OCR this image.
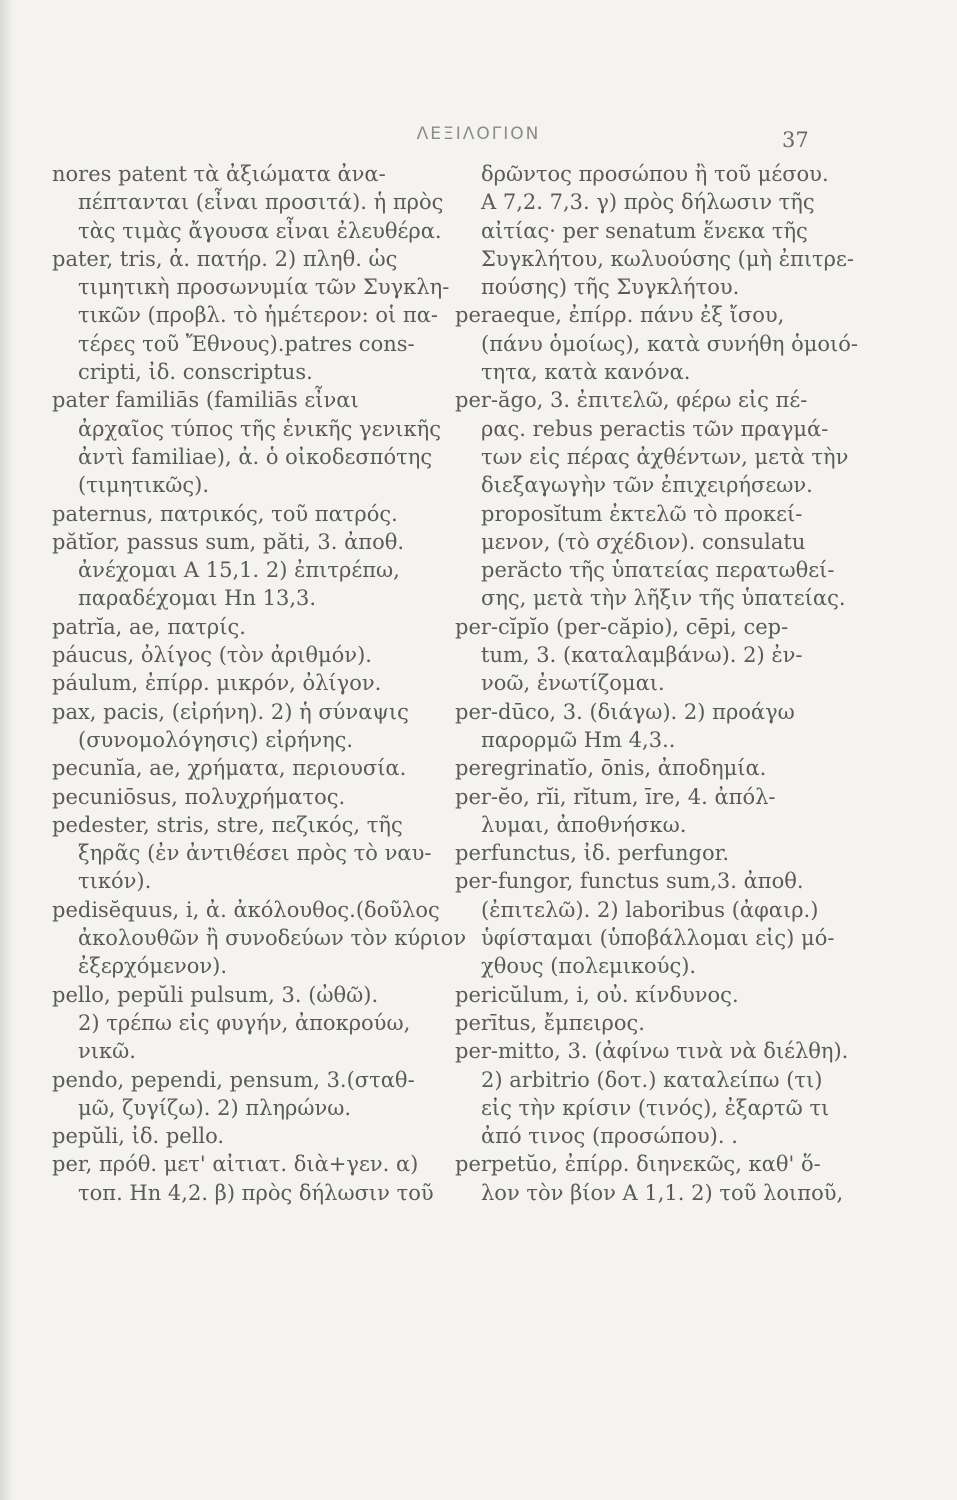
ΛΕΞΙΛΟΓΙΟΝ	37
nores patent τὰ ἀξιώματα ἀνα-
πέπτανται (εἶναι προσιτά). ἡ πρὸς
τὰς τιμὰς ἄγουσα εἶναι ἐλευθέρα.
pater, tris, ἀ. πατήρ. 2) πληθ. ὡς
τιμητικὴ προσωνυμία τῶν Συγκλη-
τικῶν (προβλ. τὸ ἡμέτερον: οἱ πα-
τέρες τοῦ Ἔθνους).patres cons-
cripti, ἰδ. conscriptus.
pater familiās (familiās εἶναι
ἀρχαῖος τύπος τῆς ἑνικῆς γενικῆς
ἀντὶ familiae), ἀ. ὁ οἰκοδεσπότης
(τιμητικῶς).
paternus, πατρικός, τοῦ πατρός.
pătĭor, passus sum, păti, 3. ἀποθ.
ἀνέχομαι Α 15,1. 2) ἐπιτρέπω,
παραδέχομαι Hn 13,3.
patrĭa, ae, πατρίς.
páucus, ὀλίγος (τὸν ἀριθμόν).
páulum, ἐπίρρ. μικρόν, ὀλίγον.
pax, pacis, (εἰρήνη). 2) ἡ σύναψις
(συνομολόγησις) εἰρήνης.
pecunĭa, ae, χρήματα, περιουσία.
pecuniōsus, πολυχρήματος.
pedester, stris, stre, πεζικός, τῆς
ξηρᾶς (ἐν ἀντιθέσει πρὸς τὸ ναυ-
τικόν).
pedisĕquus, i, ἀ. ἀκόλουθος.(δοῦλος
ἀκολουθῶν ἢ συνοδεύων τὸν κύριον
ἐξερχόμενον).
pello, pepŭli pulsum, 3. (ὠθῶ).
2) τρέπω εἰς φυγήν, ἀποκρούω,
νικῶ.
pendo, pependi, pensum, 3.(σταθ-
μῶ, ζυγίζω). 2) πληρώνω.
pepŭli, ἰδ. pello.
per, πρόθ. μετ' αἰτιατ. διὰ+γεν. α)
τοπ. Hn 4,2. β) πρὸς δήλωσιν τοῦ
δρῶντος προσώπου ἢ τοῦ μέσου.
Α 7,2. 7,3. γ) πρὸς δήλωσιν τῆς
αἰτίας· per senatum ἕνεκα τῆς
Συγκλήτου, κωλυούσης (μὴ ἐπιτρε-
πούσης) τῆς Συγκλήτου.
peraeque, ἐπίρρ. πάνυ ἐξ ἴσου,
(πάνυ ὁμοίως), κατὰ συνήθη ὁμοιό-
τητα, κατὰ κανόνα.
per-ăgo, 3. ἐπιτελῶ, φέρω εἰς πέ-
ρας. rebus peractis τῶν πραγμά-
των εἰς πέρας ἀχθέντων, μετὰ τὴν
διεξαγωγὴν τῶν ἐπιχειρήσεων.
proposĭtum ἐκτελῶ τὸ προκεί-
μενον, (τὸ σχέδιον). consulatu
perăcto τῆς ὑπατείας περατωθεί-
σης, μετὰ τὴν λῆξιν τῆς ὑπατείας.
per-cĭpĭo (per-căpio), cēpi, cep-
tum, 3. (καταλαμβάνω). 2) ἐν-
νοῶ, ἐνωτίζομαι.
per-dūco, 3. (διάγω). 2) προάγω
παρορμῶ Hm 4,3..
peregrinatĭo, ōnis, ἀποδημία.
per-ĕo, rĭi, rĭtum, īre, 4. ἀπόλ-
λυμαι, ἀποθνήσκω.
perfunctus, ἰδ. perfungor.
per-fungor, functus sum,3. ἀποθ.
(ἐπιτελῶ). 2) laboribus (ἀφαιρ.)
ὑφίσταμαι (ὑποβάλλομαι εἰς) μό-
χθους (πολεμικούς).
pericŭlum, i, οὐ. κίνδυνος.
perītus, ἔμπειρος.
per-mitto, 3. (ἀφίνω τινὰ νὰ διέλθη).
2) arbitrio (δοτ.) καταλείπω (τι)
εἰς τὴν κρίσιν (τινός), ἐξαρτῶ τι
ἀπό τινος (προσώπου). .
perpetŭo, ἐπίρρ. διηνεκῶς, καθ' ὅ-
λον τὸν βίον Α 1,1. 2) τοῦ λοιποῦ,
